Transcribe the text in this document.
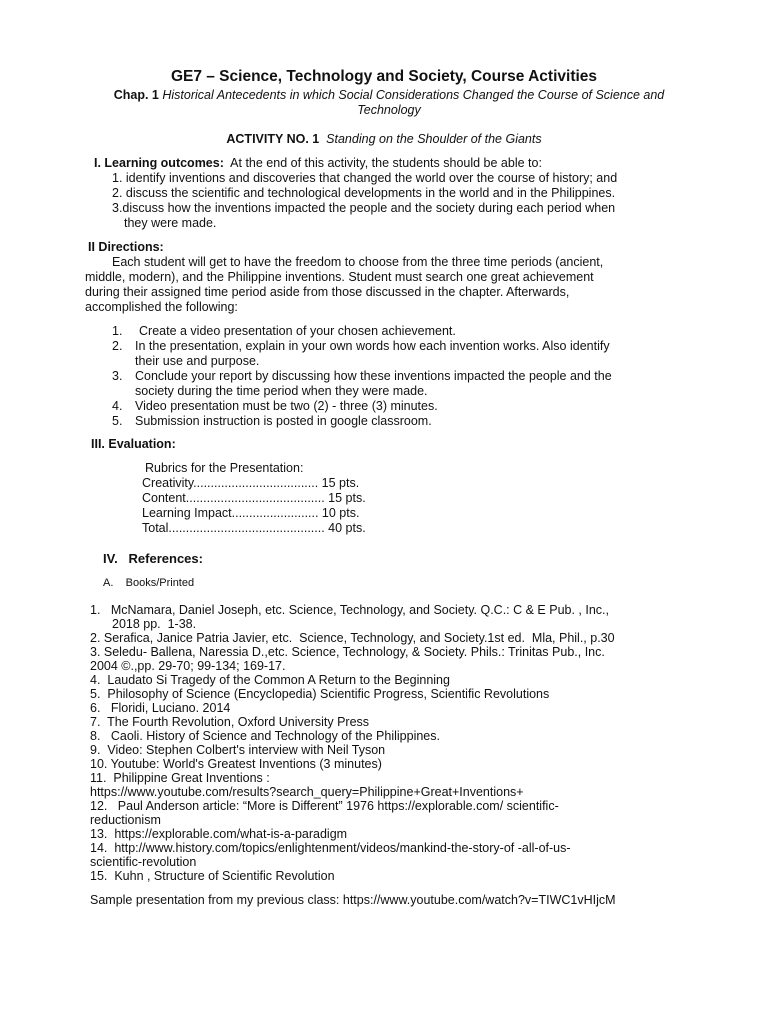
GE7 – Science, Technology and Society, Course Activities
Chap. 1 Historical Antecedents in which Social Considerations Changed the Course of Science and Technology
ACTIVITY NO. 1 Standing on the Shoulder of the Giants
I. Learning outcomes: At the end of this activity, the students should be able to:
1. identify inventions and discoveries that changed the world over the course of history; and
2. discuss the scientific and technological developments in the world and in the Philippines.
3.discuss how the inventions impacted the people and the society during each period when
they were made.
II Directions:
Each student will get to have the freedom to choose from the three time periods (ancient,
middle, modern), and the Philippine inventions. Student must search one great achievement
during their assigned time period aside from those discussed in the chapter. Afterwards,
accomplished the following:
1. Create a video presentation of your chosen achievement.
2. In the presentation, explain in your own words how each invention works. Also identify
their use and purpose.
3. Conclude your report by discussing how these inventions impacted the people and the
society during the time period when they were made.
4. Video presentation must be two (2) - three (3) minutes.
5. Submission instruction is posted in google classroom.
III. Evaluation:
Rubrics for the Presentation:
Creativity.................................... 15 pts.
Content........................................ 15 pts.
Learning Impact......................... 10 pts.
Total............................................. 40 pts.
IV.   References:
A.    Books/Printed
1.   McNamara, Daniel Joseph, etc. Science, Technology, and Society. Q.C.: C & E Pub. , Inc.,
2018 pp.  1-38.
2. Serafica, Janice Patria Javier, etc.  Science, Technology, and Society.1st ed.  Mla, Phil., p.30
3. Seledu- Ballena, Naressia D.,etc. Science, Technology, & Society. Phils.: Trinitas Pub., Inc.
2004 ©.,pp. 29-70; 99-134; 169-17.
4.  Laudato Si Tragedy of the Common A Return to the Beginning
5.  Philosophy of Science (Encyclopedia) Scientific Progress, Scientific Revolutions
6.   Floridi, Luciano. 2014
7.  The Fourth Revolution, Oxford University Press
8.   Caoli. History of Science and Technology of the Philippines.
9.  Video: Stephen Colbert's interview with Neil Tyson
10. Youtube: World's Greatest Inventions (3 minutes)
11.  Philippine Great Inventions :
https://www.youtube.com/results?search_query=Philippine+Great+Inventions+
12.   Paul Anderson article: “More is Different” 1976 https://explorable.com/ scientific-
reductionism
13.  https://explorable.com/what-is-a-paradigm
14.  http://www.history.com/topics/enlightenment/videos/mankind-the-story-of -all-of-us-
scientific-revolution
15.  Kuhn , Structure of Scientific Revolution
Sample presentation from my previous class: https://www.youtube.com/watch?v=TIWC1vHIjcM
